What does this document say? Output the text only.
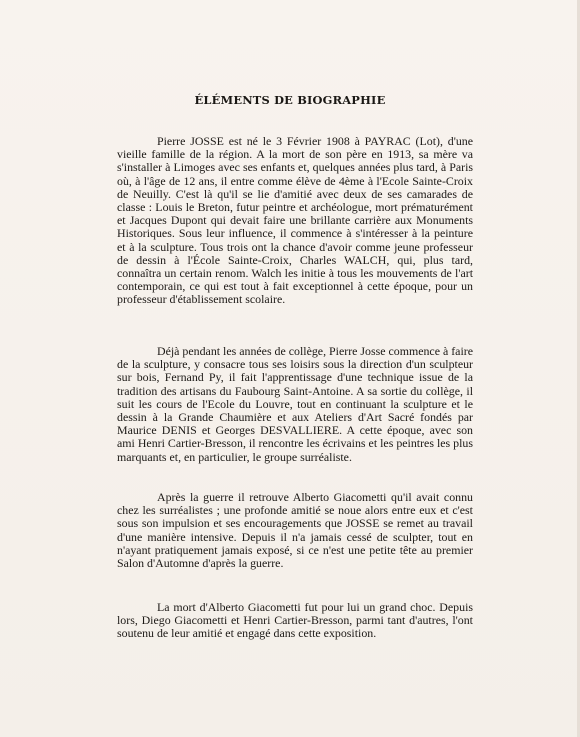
ÉLÉMENTS DE BIOGRAPHIE

Pierre JOSSE est né le 3 Février 1908 à PAYRAC (Lot), d'une vieille famille de la région. A la mort de son père en 1913, sa mère va s'installer à Limoges avec ses enfants et, quelques années plus tard, à Paris où, à l'âge de 12 ans, il entre comme élève de 4ème à l'Ecole Sainte-Croix de Neuilly. C'est là qu'il se lie d'amitié avec deux de ses camarades de classe : Louis le Breton, futur peintre et archéologue, mort prématurément et Jacques Dupont qui devait faire une brillante carrière aux Monuments Historiques. Sous leur influence, il commence à s'intéresser à la peinture et à la sculpture. Tous trois ont la chance d'avoir comme jeune professeur de dessin à l'École Sainte-Croix, Charles WALCH, qui, plus tard, connaîtra un certain renom. Walch les initie à tous les mouvements de l'art contemporain, ce qui est tout à fait exceptionnel à cette époque, pour un professeur d'établissement scolaire.

Déjà pendant les années de collège, Pierre Josse commence à faire de la sculpture, y consacre tous ses loisirs sous la direction d'un sculpteur sur bois, Fernand Py, il fait l'apprentissage d'une technique issue de la tradition des artisans du Faubourg Saint-Antoine. A sa sortie du collège, il suit les cours de l'Ecole du Louvre, tout en continuant la sculpture et le dessin à la Grande Chaumière et aux Ateliers d'Art Sacré fondés par Maurice DENIS et Georges DESVALLIERE. A cette époque, avec son ami Henri Cartier-Bresson, il rencontre les écrivains et les peintres les plus marquants et, en particulier, le groupe surréaliste.

Après la guerre il retrouve Alberto Giacometti qu'il avait connu chez les surréalistes ; une profonde amitié se noue alors entre eux et c'est sous son impulsion et ses encouragements que JOSSE se remet au travail d'une manière intensive. Depuis il n'a jamais cessé de sculpter, tout en n'ayant pratiquement jamais exposé, si ce n'est une petite tête au premier Salon d'Automne d'après la guerre.

La mort d'Alberto Giacometti fut pour lui un grand choc. Depuis lors, Diego Giacometti et Henri Cartier-Bresson, parmi tant d'autres, l'ont soutenu de leur amitié et engagé dans cette exposition.
